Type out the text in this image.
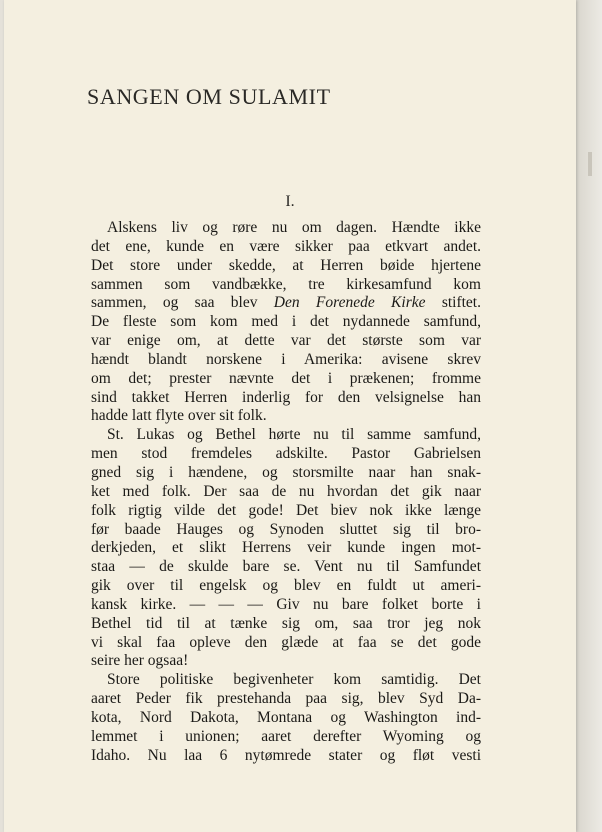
SANGEN OM SULAMIT
I.
Alskens liv og røre nu om dagen. Hændte ikke
det ene, kunde en være sikker paa etkvart andet.
Det store under skedde, at Herren bøide hjertene
sammen som vandbække, tre kirkesamfund kom
sammen, og saa blev Den Forenede Kirke stiftet.
De fleste som kom med i det nydannede samfund,
var enige om, at dette var det største som var
hændt blandt norskene i Amerika: avisene skrev
om det; prester nævnte det i prækenen; fromme
sind takket Herren inderlig for den velsignelse han
hadde latt flyte over sit folk.
St. Lukas og Bethel hørte nu til samme samfund,
men stod fremdeles adskilte. Pastor Gabrielsen
gned sig i hændene, og storsmilte naar han snak-
ket med folk. Der saa de nu hvordan det gik naar
folk rigtig vilde det gode! Det biev nok ikke længe
før baade Hauges og Synoden sluttet sig til bro-
derkjeden, et slikt Herrens veir kunde ingen mot-
staa — de skulde bare se. Vent nu til Samfundet
gik over til engelsk og blev en fuldt ut ameri-
kansk kirke. — — — Giv nu bare folket borte i
Bethel tid til at tænke sig om, saa tror jeg nok
vi skal faa opleve den glæde at faa se det gode
seire her ogsaa!
Store politiske begivenheter kom samtidig. Det
aaret Peder fik prestehanda paa sig, blev Syd Da-
kota, Nord Dakota, Montana og Washington ind-
lemmet i unionen; aaret derefter Wyoming og
Idaho. Nu laa 6 nytømrede stater og fløt vesti
